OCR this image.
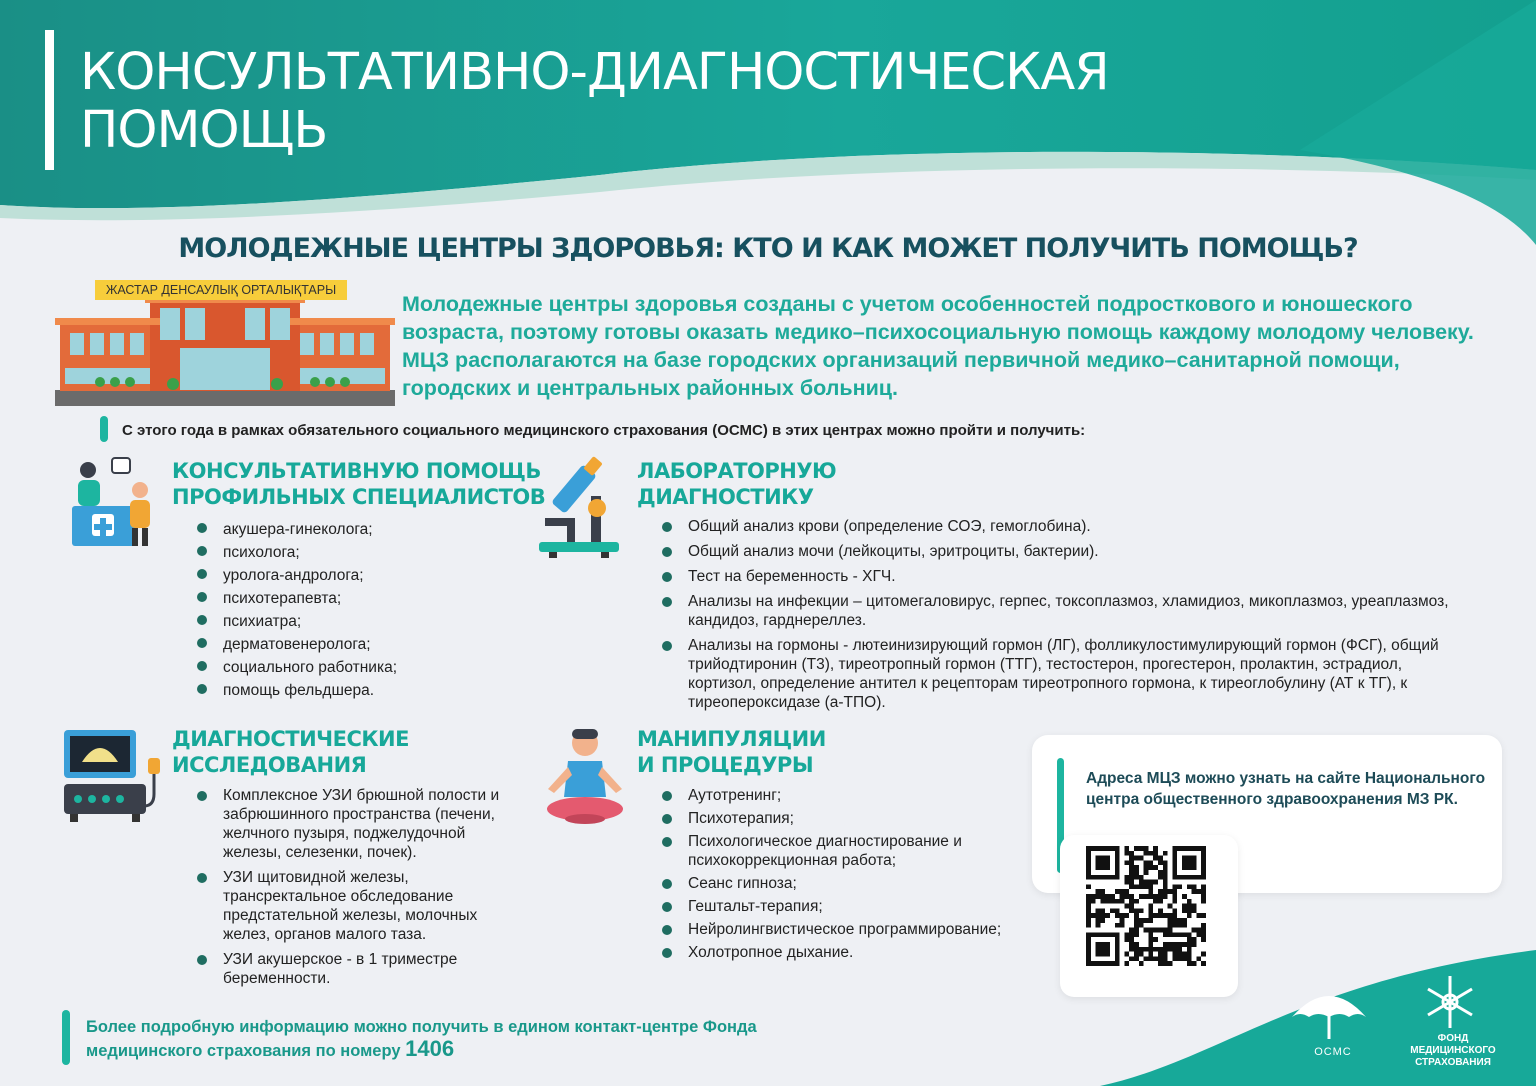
КОНСУЛЬТАТИВНО-ДИАГНОСТИЧЕСКАЯ
ПОМОЩЬ
МОЛОДЕЖНЫЕ ЦЕНТРЫ ЗДОРОВЬЯ: КТО И КАК МОЖЕТ ПОЛУЧИТЬ ПОМОЩЬ?
ЖАСТАР ДЕНСАУЛЫҚ ОРТАЛЫҚТАРЫ
Молодежные центры здоровья созданы с учетом особенностей подросткового и юношеского возраста, поэтому готовы оказать медико–психосоциальную помощь каждому молодому человеку. МЦЗ располагаются на базе городских организаций первичной медико–санитарной помощи, городских и центральных районных больниц.
С этого года в рамках обязательного социального медицинского страхования (ОСМС) в этих центрах можно пройти и получить:
КОНСУЛЬТАТИВНУЮ ПОМОЩЬ
ПРОФИЛЬНЫХ СПЕЦИАЛИСТОВ
акушера-гинеколога;
психолога;
уролога-андролога;
психотерапевта;
психиатра;
дерматовенеролога;
социального работника;
помощь фельдшера.
ЛАБОРАТОРНУЮ
ДИАГНОСТИКУ
Общий анализ крови (определение СОЭ, гемоглобина).
Общий анализ мочи (лейкоциты, эритроциты, бактерии).
Тест на беременность - ХГЧ.
Анализы на инфекции – цитомегаловирус, герпес, токсоплазмоз, хламидиоз, микоплазмоз, уреаплазмоз, кандидоз, гарднереллез.
Анализы на гормоны - лютеинизирующий гормон (ЛГ), фолликулостимулирующий гормон (ФСГ), общий трийодтиронин (Т3), тиреотропный гормон (ТТГ), тестостерон, прогестерон, пролактин, эстрадиол, кортизол, определение антител к рецепторам тиреотропного гормона, к тиреоглобулину (АТ к ТГ), к тиреопероксидазе (а-ТПО).
ДИАГНОСТИЧЕСКИЕ
ИССЛЕДОВАНИЯ
Комплексное УЗИ брюшной полости и забрюшинного пространства (печени, желчного пузыря, поджелудочной железы, селезенки, почек).
УЗИ щитовидной железы, трансректальное обследование предстательной железы, молочных желез, органов малого таза.
УЗИ акушерское - в 1 триместре беременности.
МАНИПУЛЯЦИИ
И ПРОЦЕДУРЫ
Аутотренинг;
Психотерапия;
Психологическое диагностирование и психокоррекционная работа;
Сеанс гипноза;
Гештальт-терапия;
Нейролингвистическое программирование;
Холотропное дыхание.
Адреса МЦЗ можно узнать на сайте Национального центра общественного здравоохранения МЗ РК.
Более подробную информацию можно получить в едином контакт-центре Фонда медицинского страхования по номеру 1406	ОСМС
ФОНД МЕДИЦИНСКОГО СТРАХОВАНИЯ
